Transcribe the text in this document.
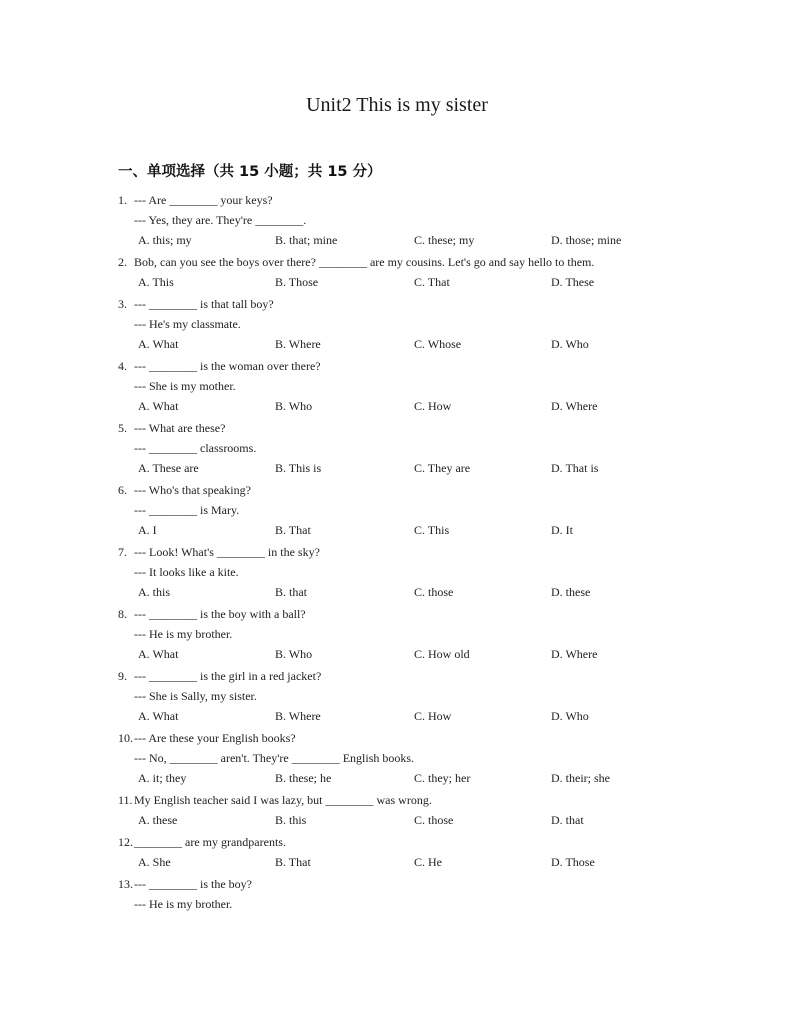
Unit2 This is my sister
一、单项选择（共 15 小题；共 15 分）
1. --- Are ________ your keys?
--- Yes, they are. They're ________.
A. this; my	B. that; mine	C. these; my	D. those; mine
2. Bob, can you see the boys over there? ________ are my cousins. Let's go and say hello to them.
A. This	B. Those	C. That	D. These
3. --- ________ is that tall boy?
--- He's my classmate.
A. What	B. Where	C. Whose	D. Who
4. --- ________ is the woman over there?
--- She is my mother.
A. What	B. Who	C. How	D. Where
5. --- What are these?
--- ________ classrooms.
A. These are	B. This is	C. They are	D. That is
6. --- Who's that speaking?
--- ________ is Mary.
A. I	B. That	C. This	D. It
7. --- Look! What's ________ in the sky?
--- It looks like a kite.
A. this	B. that	C. those	D. these
8. --- ________ is the boy with a ball?
--- He is my brother.
A. What	B. Who	C. How old	D. Where
9. --- ________ is the girl in a red jacket?
--- She is Sally, my sister.
A. What	B. Where	C. How	D. Who
10.--- Are these your English books?
--- No, ________ aren't. They're ________ English books.
A. it; they	B. these; he	C. they; her	D. their; she
11.My English teacher said I was lazy, but ________ was wrong.
A. these	B. this	C. those	D. that
12.________ are my grandparents.
A. She	B. That	C. He	D. Those
13.--- ________ is the boy?
--- He is my brother.
